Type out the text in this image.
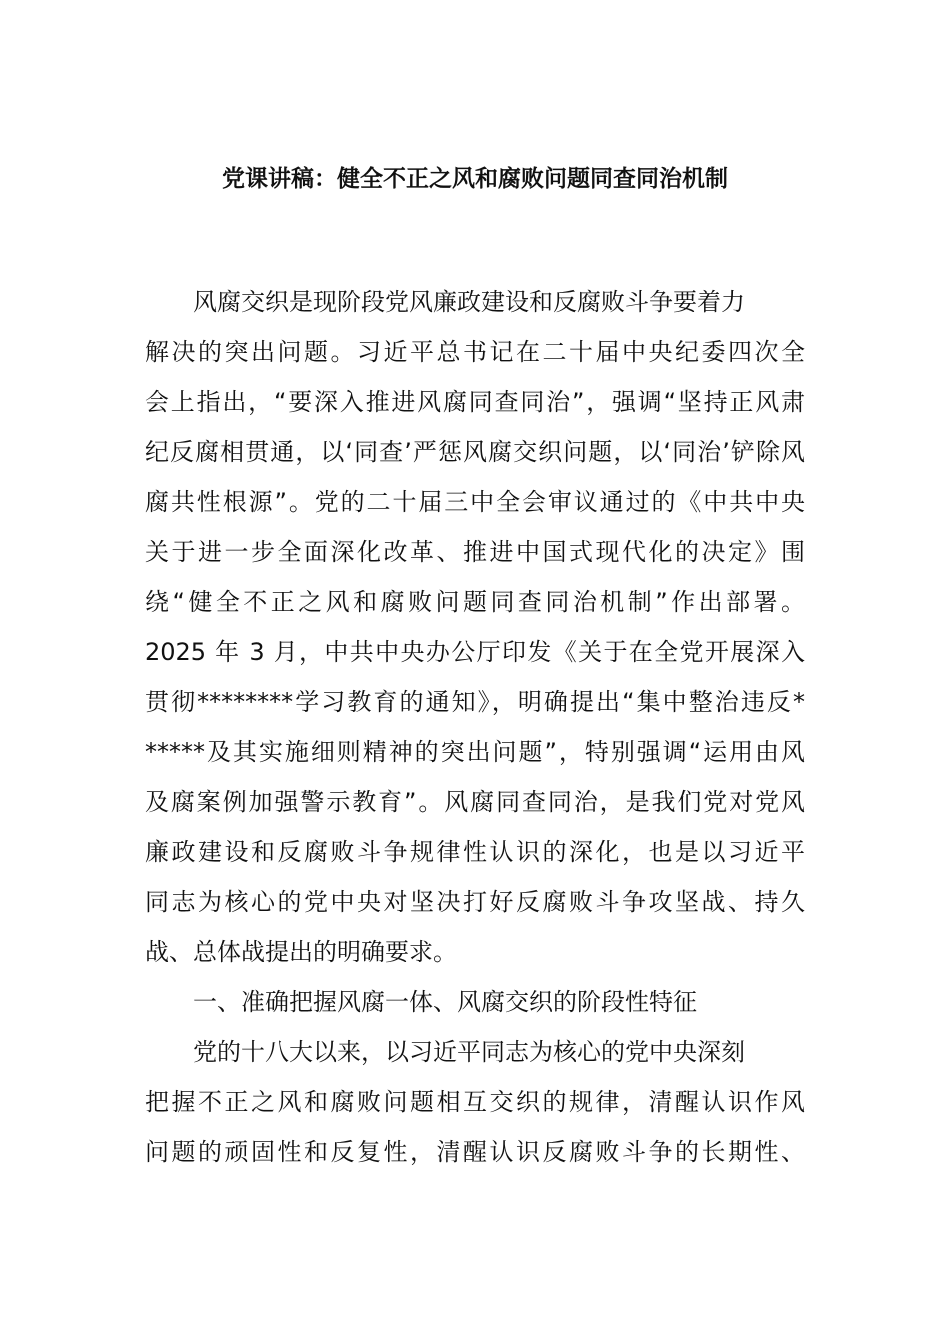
党课讲稿：健全不正之风和腐败问题同查同治机制
风腐交织是现阶段党风廉政建设和反腐败斗争要着力
解决的突出问题。习近平总书记在二十届中央纪委四次全
会上指出，“要深入推进风腐同查同治”，强调“坚持正风肃
纪反腐相贯通，以‘同查’严惩风腐交织问题，以‘同治’铲除风
腐共性根源”。党的二十届三中全会审议通过的《中共中央
关于进一步全面深化改革、推进中国式现代化的决定》围
绕“健全不正之风和腐败问题同查同治机制”作出部署。
2025 年 3 月，中共中央办公厅印发《关于在全党开展深入
贯彻********学习教育的通知》，明确提出“集中整治违反*
*****及其实施细则精神的突出问题”，特别强调“运用由风
及腐案例加强警示教育”。风腐同查同治，是我们党对党风
廉政建设和反腐败斗争规律性认识的深化，也是以习近平
同志为核心的党中央对坚决打好反腐败斗争攻坚战、持久
战、总体战提出的明确要求。
一、准确把握风腐一体、风腐交织的阶段性特征
党的十八大以来，以习近平同志为核心的党中央深刻
把握不正之风和腐败问题相互交织的规律，清醒认识作风
问题的顽固性和反复性，清醒认识反腐败斗争的长期性、
